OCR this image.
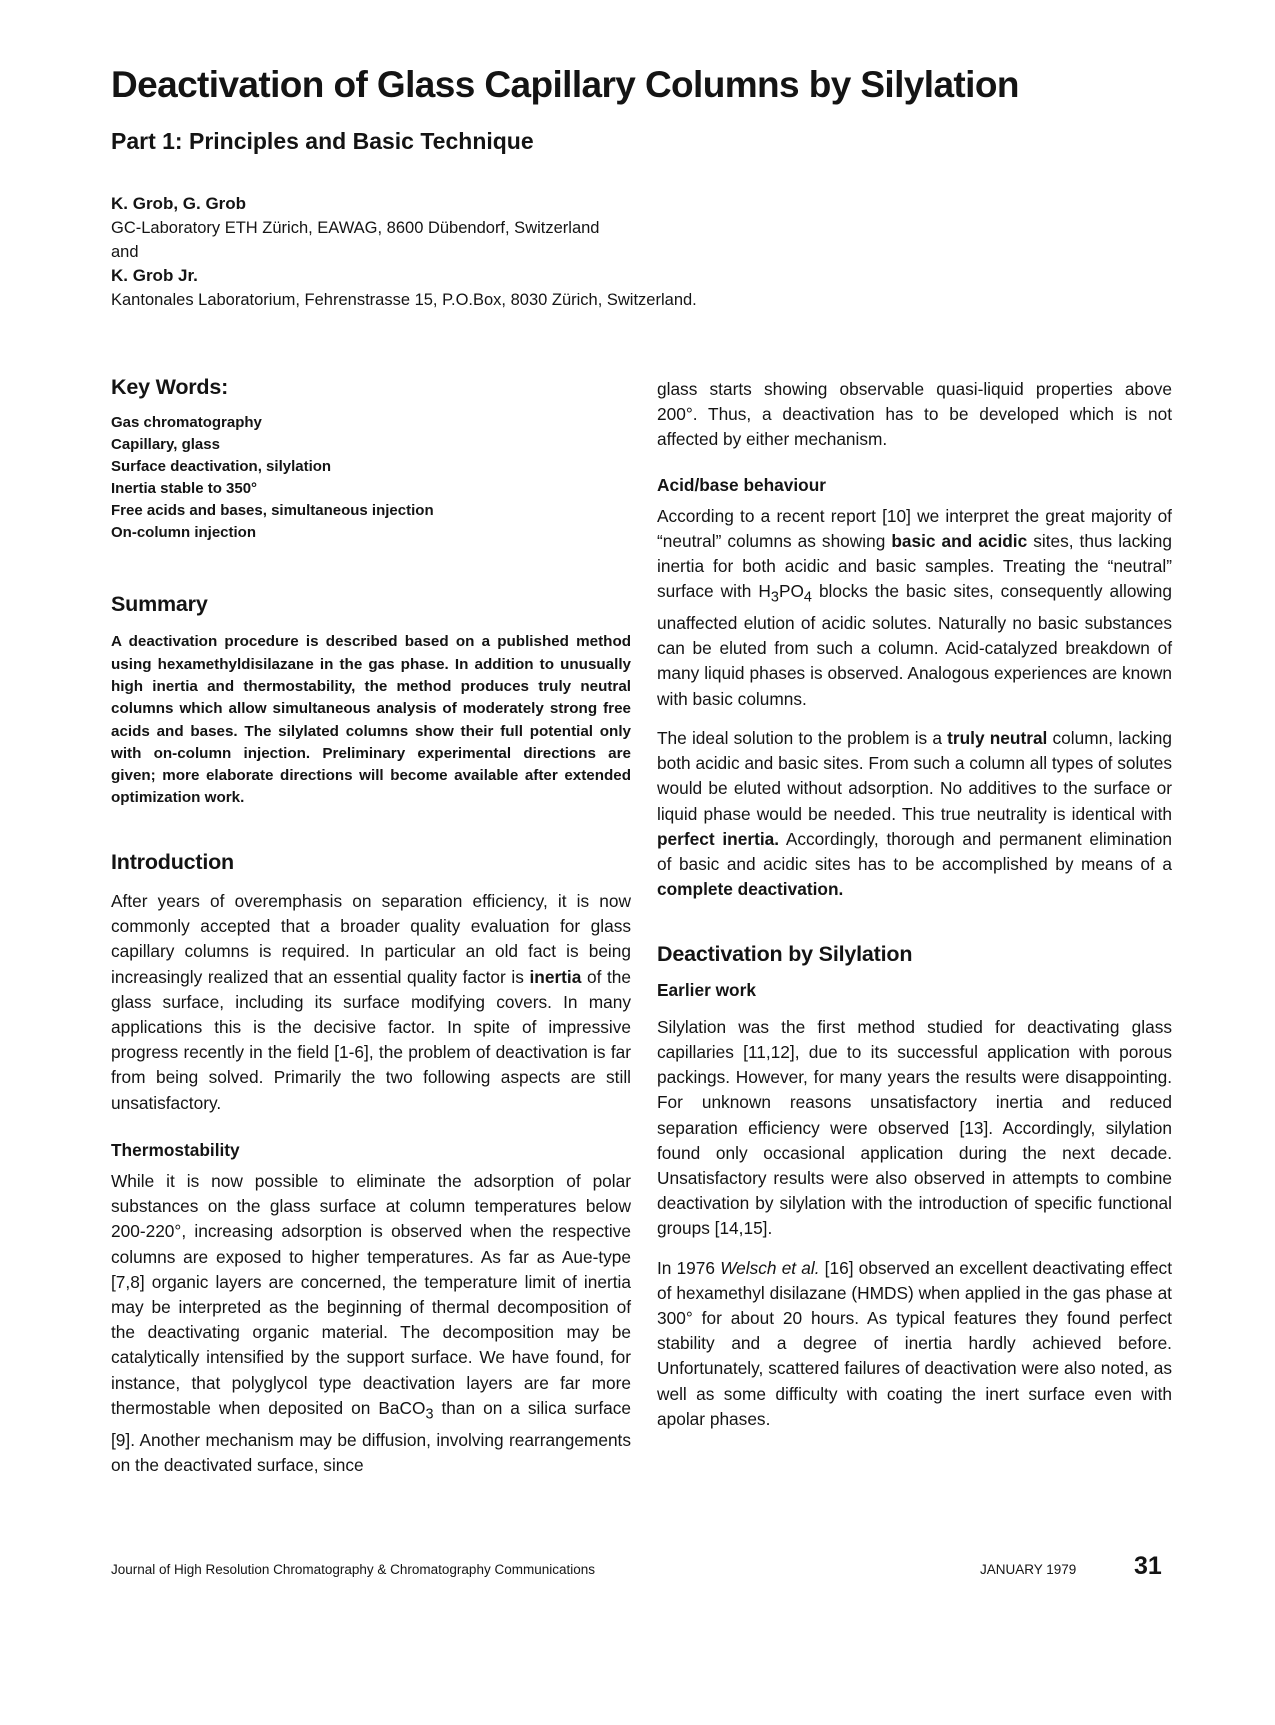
Deactivation of Glass Capillary Columns by Silylation
Part 1: Principles and Basic Technique
K. Grob, G. Grob
GC-Laboratory ETH Zürich, EAWAG, 8600 Dübendorf, Switzerland
and
K. Grob Jr.
Kantonales Laboratorium, Fehrenstrasse 15, P.O.Box, 8030 Zürich, Switzerland.
Key Words:
Gas chromatography
Capillary, glass
Surface deactivation, silylation
Inertia stable to 350°
Free acids and bases, simultaneous injection
On-column injection
Summary

A deactivation procedure is described based on a published method using hexamethyldisilazane in the gas phase. In addition to unusually high inertia and thermostability, the method produces truly neutral columns which allow simultaneous analysis of moderately strong free acids and bases. The silylated columns show their full potential only with on-column injection. Preliminary experimental directions are given; more elaborate directions will become available after extended optimization work.

Introduction

After years of overemphasis on separation efficiency, it is now commonly accepted that a broader quality evaluation for glass capillary columns is required. In particular an old fact is being increasingly realized that an essential quality factor is inertia of the glass surface, including its surface modifying covers. In many applications this is the decisive factor. In spite of impressive progress recently in the field [1-6], the problem of deactivation is far from being solved. Primarily the two following aspects are still unsatisfactory.

Thermostability

While it is now possible to eliminate the adsorption of polar substances on the glass surface at column temperatures below 200-220°, increasing adsorption is observed when the respective columns are exposed to higher temperatures. As far as Aue-type [7,8] organic layers are concerned, the temperature limit of inertia may be interpreted as the beginning of thermal decomposition of the deactivating organic material. The decomposition may be catalytically intensified by the support surface. We have found, for instance, that polyglycol type deactivation layers are far more thermostable when deposited on BaCO$_3$ than on a silica surface [9]. Another mechanism may be diffusion, involving rearrangements on the deactivated surface, since

glass starts showing observable quasi-liquid properties above 200°. Thus, a deactivation has to be developed which is not affected by either mechanism.

Acid/base behaviour

According to a recent report [10] we interpret the great majority of “neutral” columns as showing basic and acidic sites, thus lacking inertia for both acidic and basic samples. Treating the “neutral” surface with $H_3PO_4$ blocks the basic sites, consequently allowing unaffected elution of acidic solutes. Naturally no basic substances can be eluted from such a column. Acid-catalyzed breakdown of many liquid phases is observed. Analogous experiences are known with basic columns.

The ideal solution to the problem is a truly neutral column, lacking both acidic and basic sites. From such a column all types of solutes would be eluted without adsorption. No additives to the surface or liquid phase would be needed. This true neutrality is identical with perfect inertia. Accordingly, thorough and permanent elimination of basic and acidic sites has to be accomplished by means of a complete deactivation.

Deactivation by Silylation
Earlier work

Silylation was the first method studied for deactivating glass capillaries [11,12], due to its successful application with porous packings. However, for many years the results were disappointing. For unknown reasons unsatisfactory inertia and reduced separation efficiency were observed [13]. Accordingly, silylation found only occasional application during the next decade. Unsatisfactory results were also observed in attempts to combine deactivation by silylation with the introduction of specific functional groups [14,15].

In 1976 Welsch et al. [16] observed an excellent deactivating effect of hexamethyl disilazane (HMDS) when applied in the gas phase at 300° for about 20 hours. As typical features they found perfect stability and a degree of inertia hardly achieved before. Unfortunately, scattered failures of deactivation were also noted, as well as some difficulty with coating the inert surface even with apolar phases.

Journal of High Resolution Chromatography & Chromatography Communications	JANUARY 1979 31
